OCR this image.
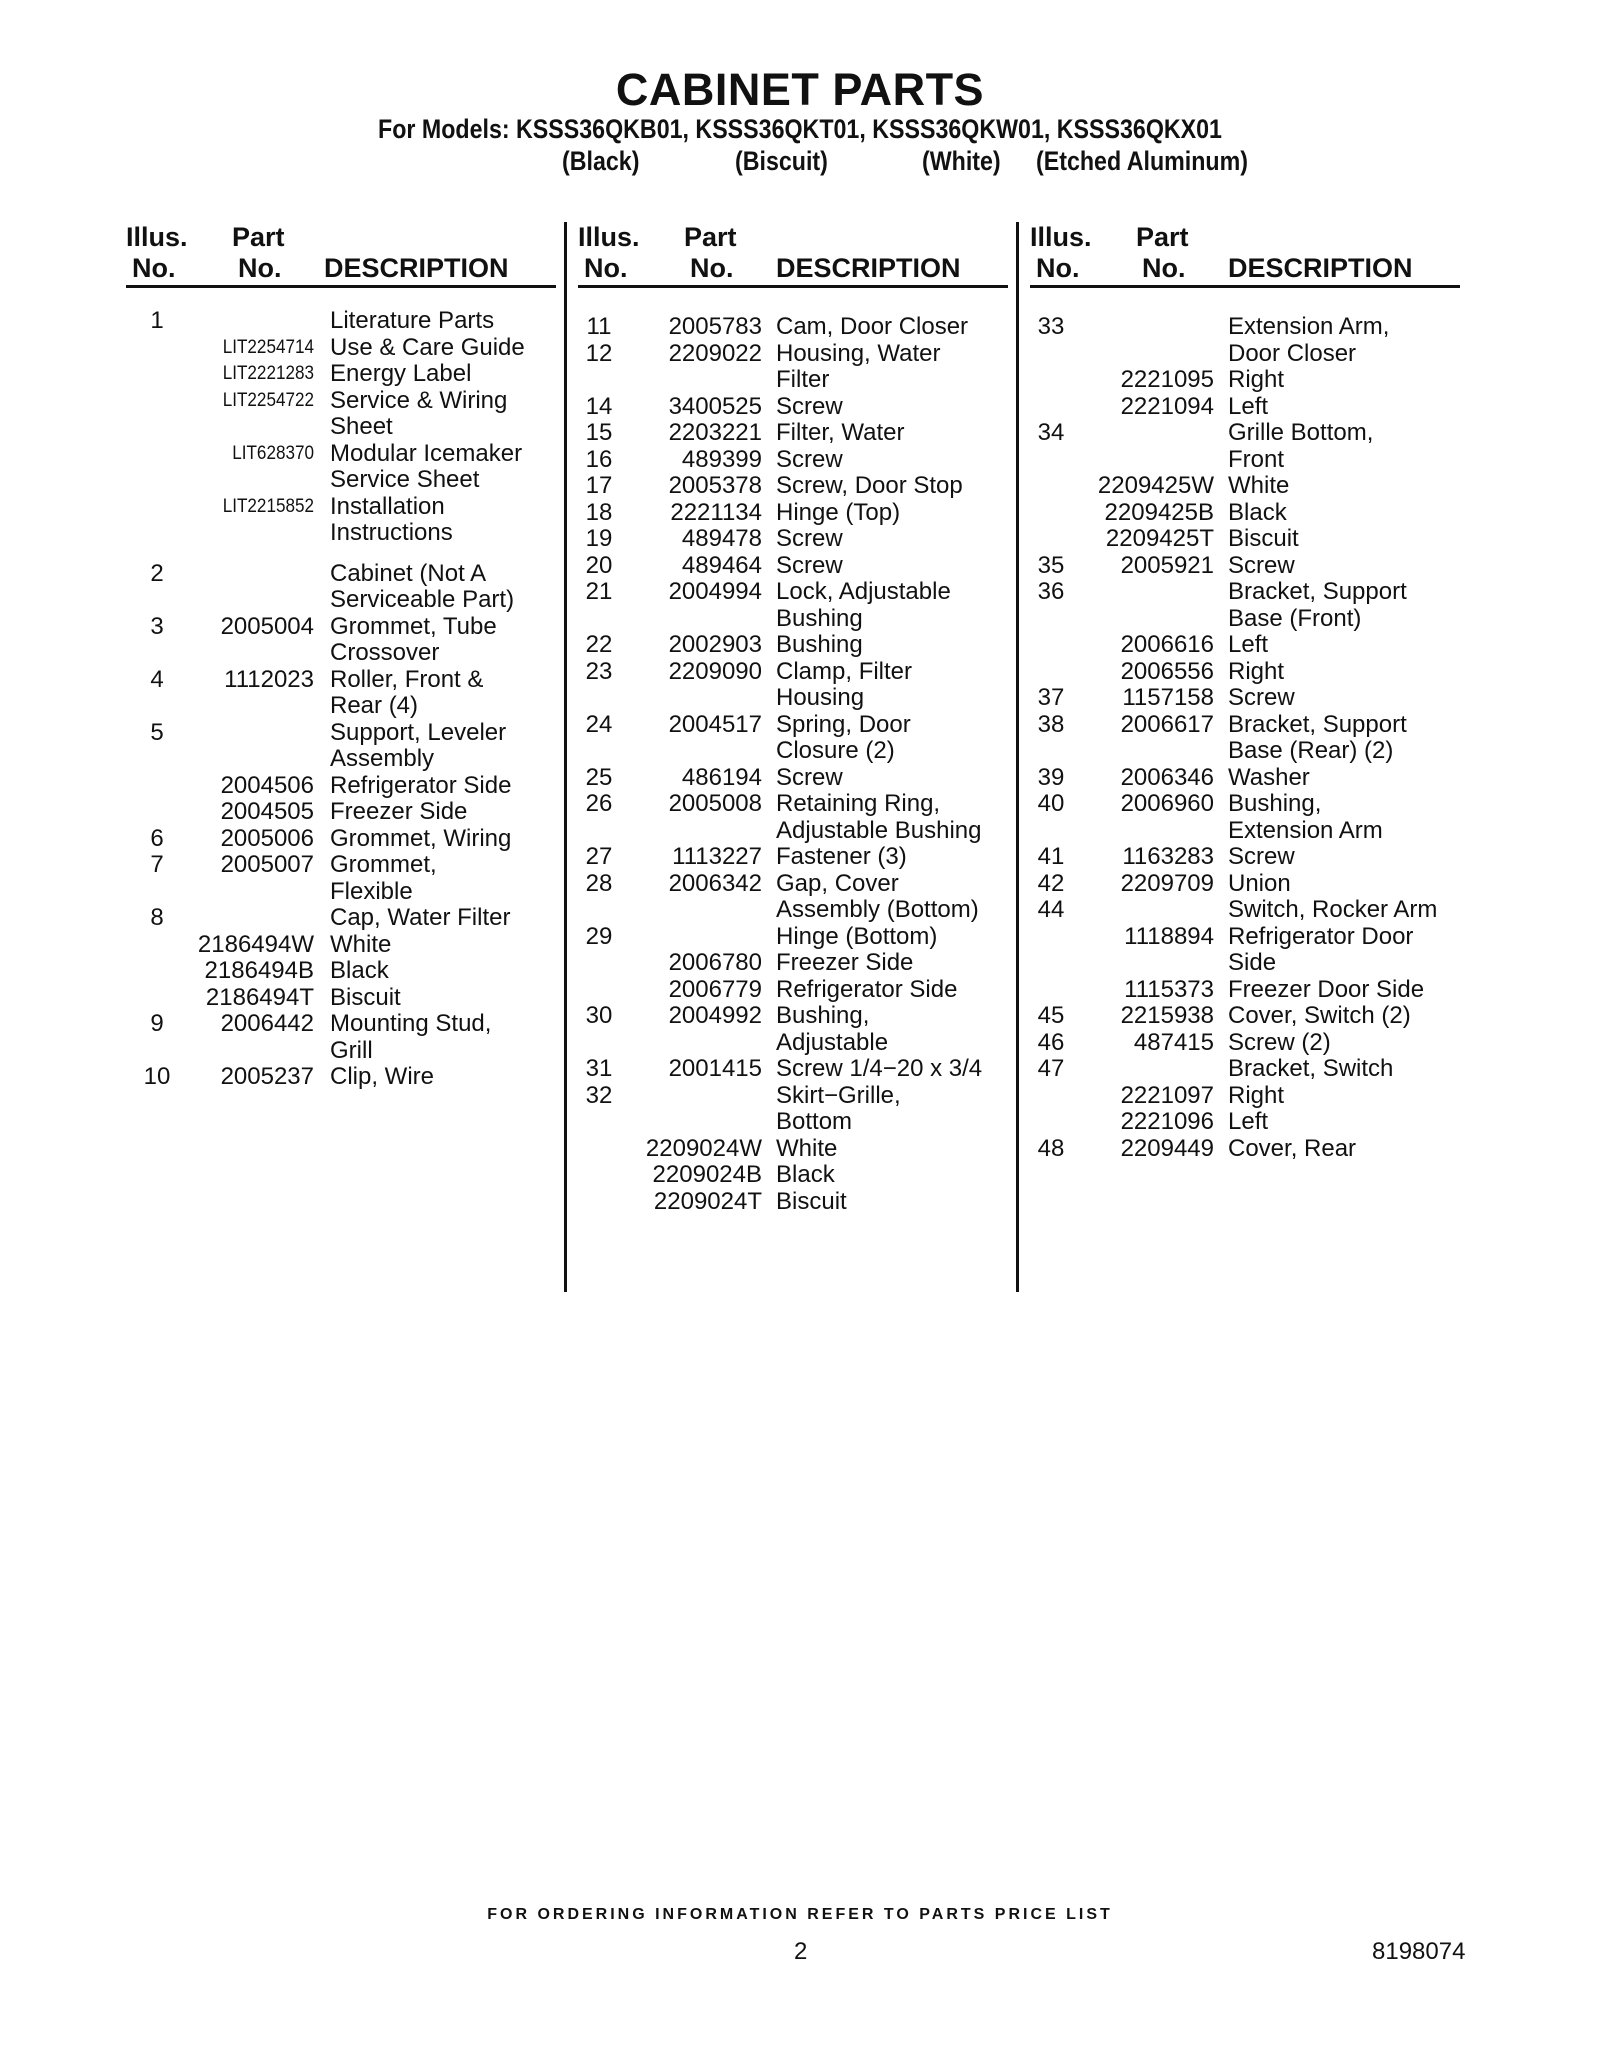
CABINET PARTS
For Models: KSSS36QKB01, KSSS36QKT01, KSSS36QKW01, KSSS36QKX01
(Black)	(Biscuit)	(White) (Etched Aluminum)
Illus.
No.
Part
No. DESCRIPTION
Illus.
No.
Part
No. DESCRIPTION
Illus.
No.
Part
No. DESCRIPTION
1	Literature Parts
LIT2254714 Use & Care Guide
LIT2221283 Energy Label
LIT2254722 Service & Wiring
Sheet
LIT628370 Modular Icemaker
Service Sheet
LIT2215852 Installation
Instructions
2	Cabinet (Not A
Serviceable Part)
3	2005004 Grommet, Tube
Crossover
4	1112023 Roller, Front &
Rear (4)
5	Support, Leveler
Assembly
2004506 Refrigerator Side
2004505 Freezer Side
6	2005006 Grommet, Wiring
7	2005007 Grommet,
Flexible
8	Cap, Water Filter
2186494W White
2186494B Black
2186494T Biscuit
9	2006442 Mounting Stud,
Grill
10	2005237 Clip, Wire
11	2005783 Cam, Door Closer
12	2209022 Housing, Water
Filter
14	3400525 Screw
15	2203221 Filter, Water
16	489399 Screw
17	2005378 Screw, Door Stop
18	2221134 Hinge (Top)
19	489478 Screw
20	489464 Screw
21	2004994 Lock, Adjustable
Bushing
22	2002903 Bushing
23	2209090 Clamp, Filter
Housing
24	2004517 Spring, Door
Closure (2)
25	486194 Screw
26	2005008 Retaining Ring,
Adjustable Bushing
27	1113227 Fastener (3)
28	2006342 Gap, Cover
Assembly (Bottom)
29	Hinge (Bottom)
2006780 Freezer Side
2006779 Refrigerator Side
30	2004992 Bushing,
Adjustable
31	2001415 Screw 1/4−20 x 3/4
32	Skirt−Grille,
Bottom
2209024W White
2209024B Black
2209024T Biscuit
33	Extension Arm,
Door Closer
2221095 Right
2221094 Left
34	Grille Bottom,
Front
2209425W White
2209425B Black
2209425T Biscuit
35	2005921 Screw
36	Bracket, Support
Base (Front)
2006616 Left
2006556 Right
37	1157158 Screw
38	2006617 Bracket, Support
Base (Rear) (2)
39	2006346 Washer
40	2006960 Bushing,
Extension Arm
41	1163283 Screw
42	2209709 Union
44	Switch, Rocker Arm
1118894 Refrigerator Door
Side
1115373 Freezer Door Side
45	2215938 Cover, Switch (2)
46	487415 Screw (2)
47	Bracket, Switch
2221097 Right
2221096 Left
48	2209449 Cover, Rear
FOR ORDERING INFORMATION REFER TO PARTS PRICE LIST
2	8198074
